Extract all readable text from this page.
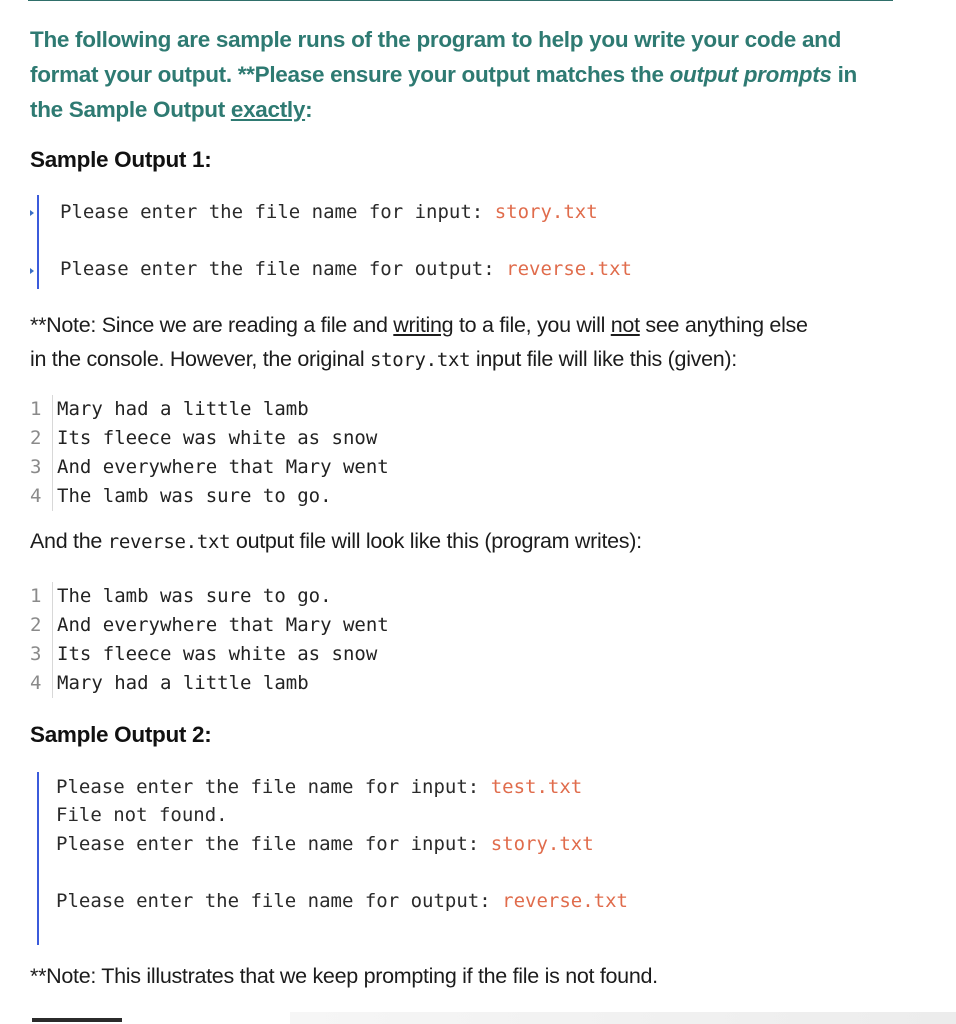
The following are sample runs of the program to help you write your code and
format your output. **Please ensure your output matches the output prompts in
the Sample Output exactly:
Sample Output 1:
Please enter the file name for input: story.txt
Please enter the file name for output: reverse.txt
**Note: Since we are reading a file and writing to a file, you will not see anything else
in the console. However, the original story.txt input file will like this (given):
1 Mary had a little lamb
2 Its fleece was white as snow
3 And everywhere that Mary went
4 The lamb was sure to go.
And the reverse.txt output file will look like this (program writes):
1 The lamb was sure to go.
2 And everywhere that Mary went
3 Its fleece was white as snow
4 Mary had a little lamb
Sample Output 2:
Please enter the file name for input: test.txt
File not found.
Please enter the file name for input: story.txt
Please enter the file name for output: reverse.txt
**Note: This illustrates that we keep prompting if the file is not found.
